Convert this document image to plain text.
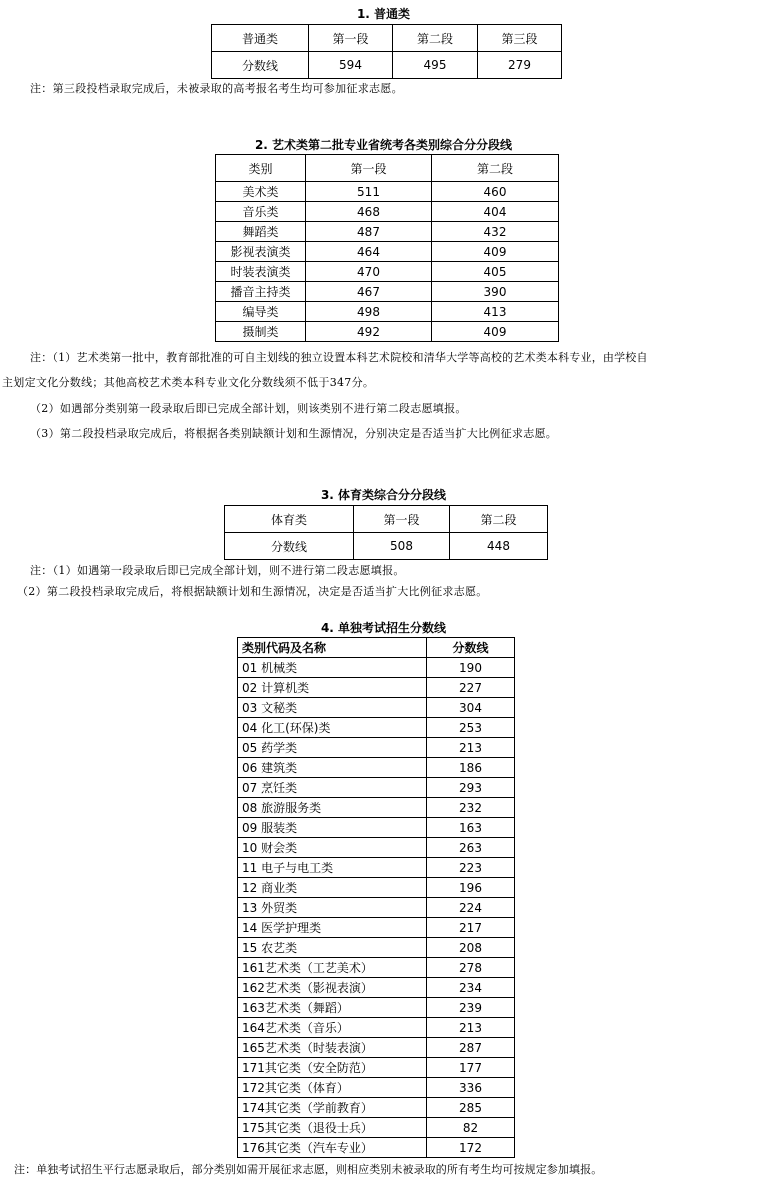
1. 普通类
普通类	第一段	第二段	第三段
分数线	594	495	279
注：第三段投档录取完成后，未被录取的高考报名考生均可参加征求志愿。
2. 艺术类第二批专业省统考各类别综合分分段线
类别	第一段	第二段
美术类	511	460
音乐类	468	404
舞蹈类	487	432
影视表演类	464	409
时装表演类	470	405
播音主持类	467	390
编导类	498	413
摄制类	492	409
注：（1）艺术类第一批中，教育部批准的可自主划线的独立设置本科艺术院校和清华大学等高校的艺术类本科专业，由学校自
主划定文化分数线；其他高校艺术类本科专业文化分数线须不低于347分。
（2）如遇部分类别第一段录取后即已完成全部计划，则该类别不进行第二段志愿填报。
（3）第二段投档录取完成后，将根据各类别缺额计划和生源情况，分别决定是否适当扩大比例征求志愿。
3. 体育类综合分分段线
体育类	第一段	第二段
分数线	508	448
注：（1）如遇第一段录取后即已完成全部计划，则不进行第二段志愿填报。
（2）第二段投档录取完成后，将根据缺额计划和生源情况，决定是否适当扩大比例征求志愿。
4. 单独考试招生分数线
类别代码及名称	分数线
01 机械类	190
02 计算机类	227
03 文秘类	304
04 化工(环保)类	253
05 药学类	213
06 建筑类	186
07 烹饪类	293
08 旅游服务类	232
09 服装类	163
10 财会类	263
11 电子与电工类	223
12 商业类	196
13 外贸类	224
14 医学护理类	217
15 农艺类	208
161艺术类（工艺美术）	278
162艺术类（影视表演）	234
163艺术类（舞蹈）	239
164艺术类（音乐）	213
165艺术类（时装表演）	287
171其它类（安全防范）	177
172其它类（体育）	336
174其它类（学前教育）	285
175其它类（退役士兵）	82
176其它类（汽车专业）	172
注：单独考试招生平行志愿录取后，部分类别如需开展征求志愿，则相应类别未被录取的所有考生均可按规定参加填报。
